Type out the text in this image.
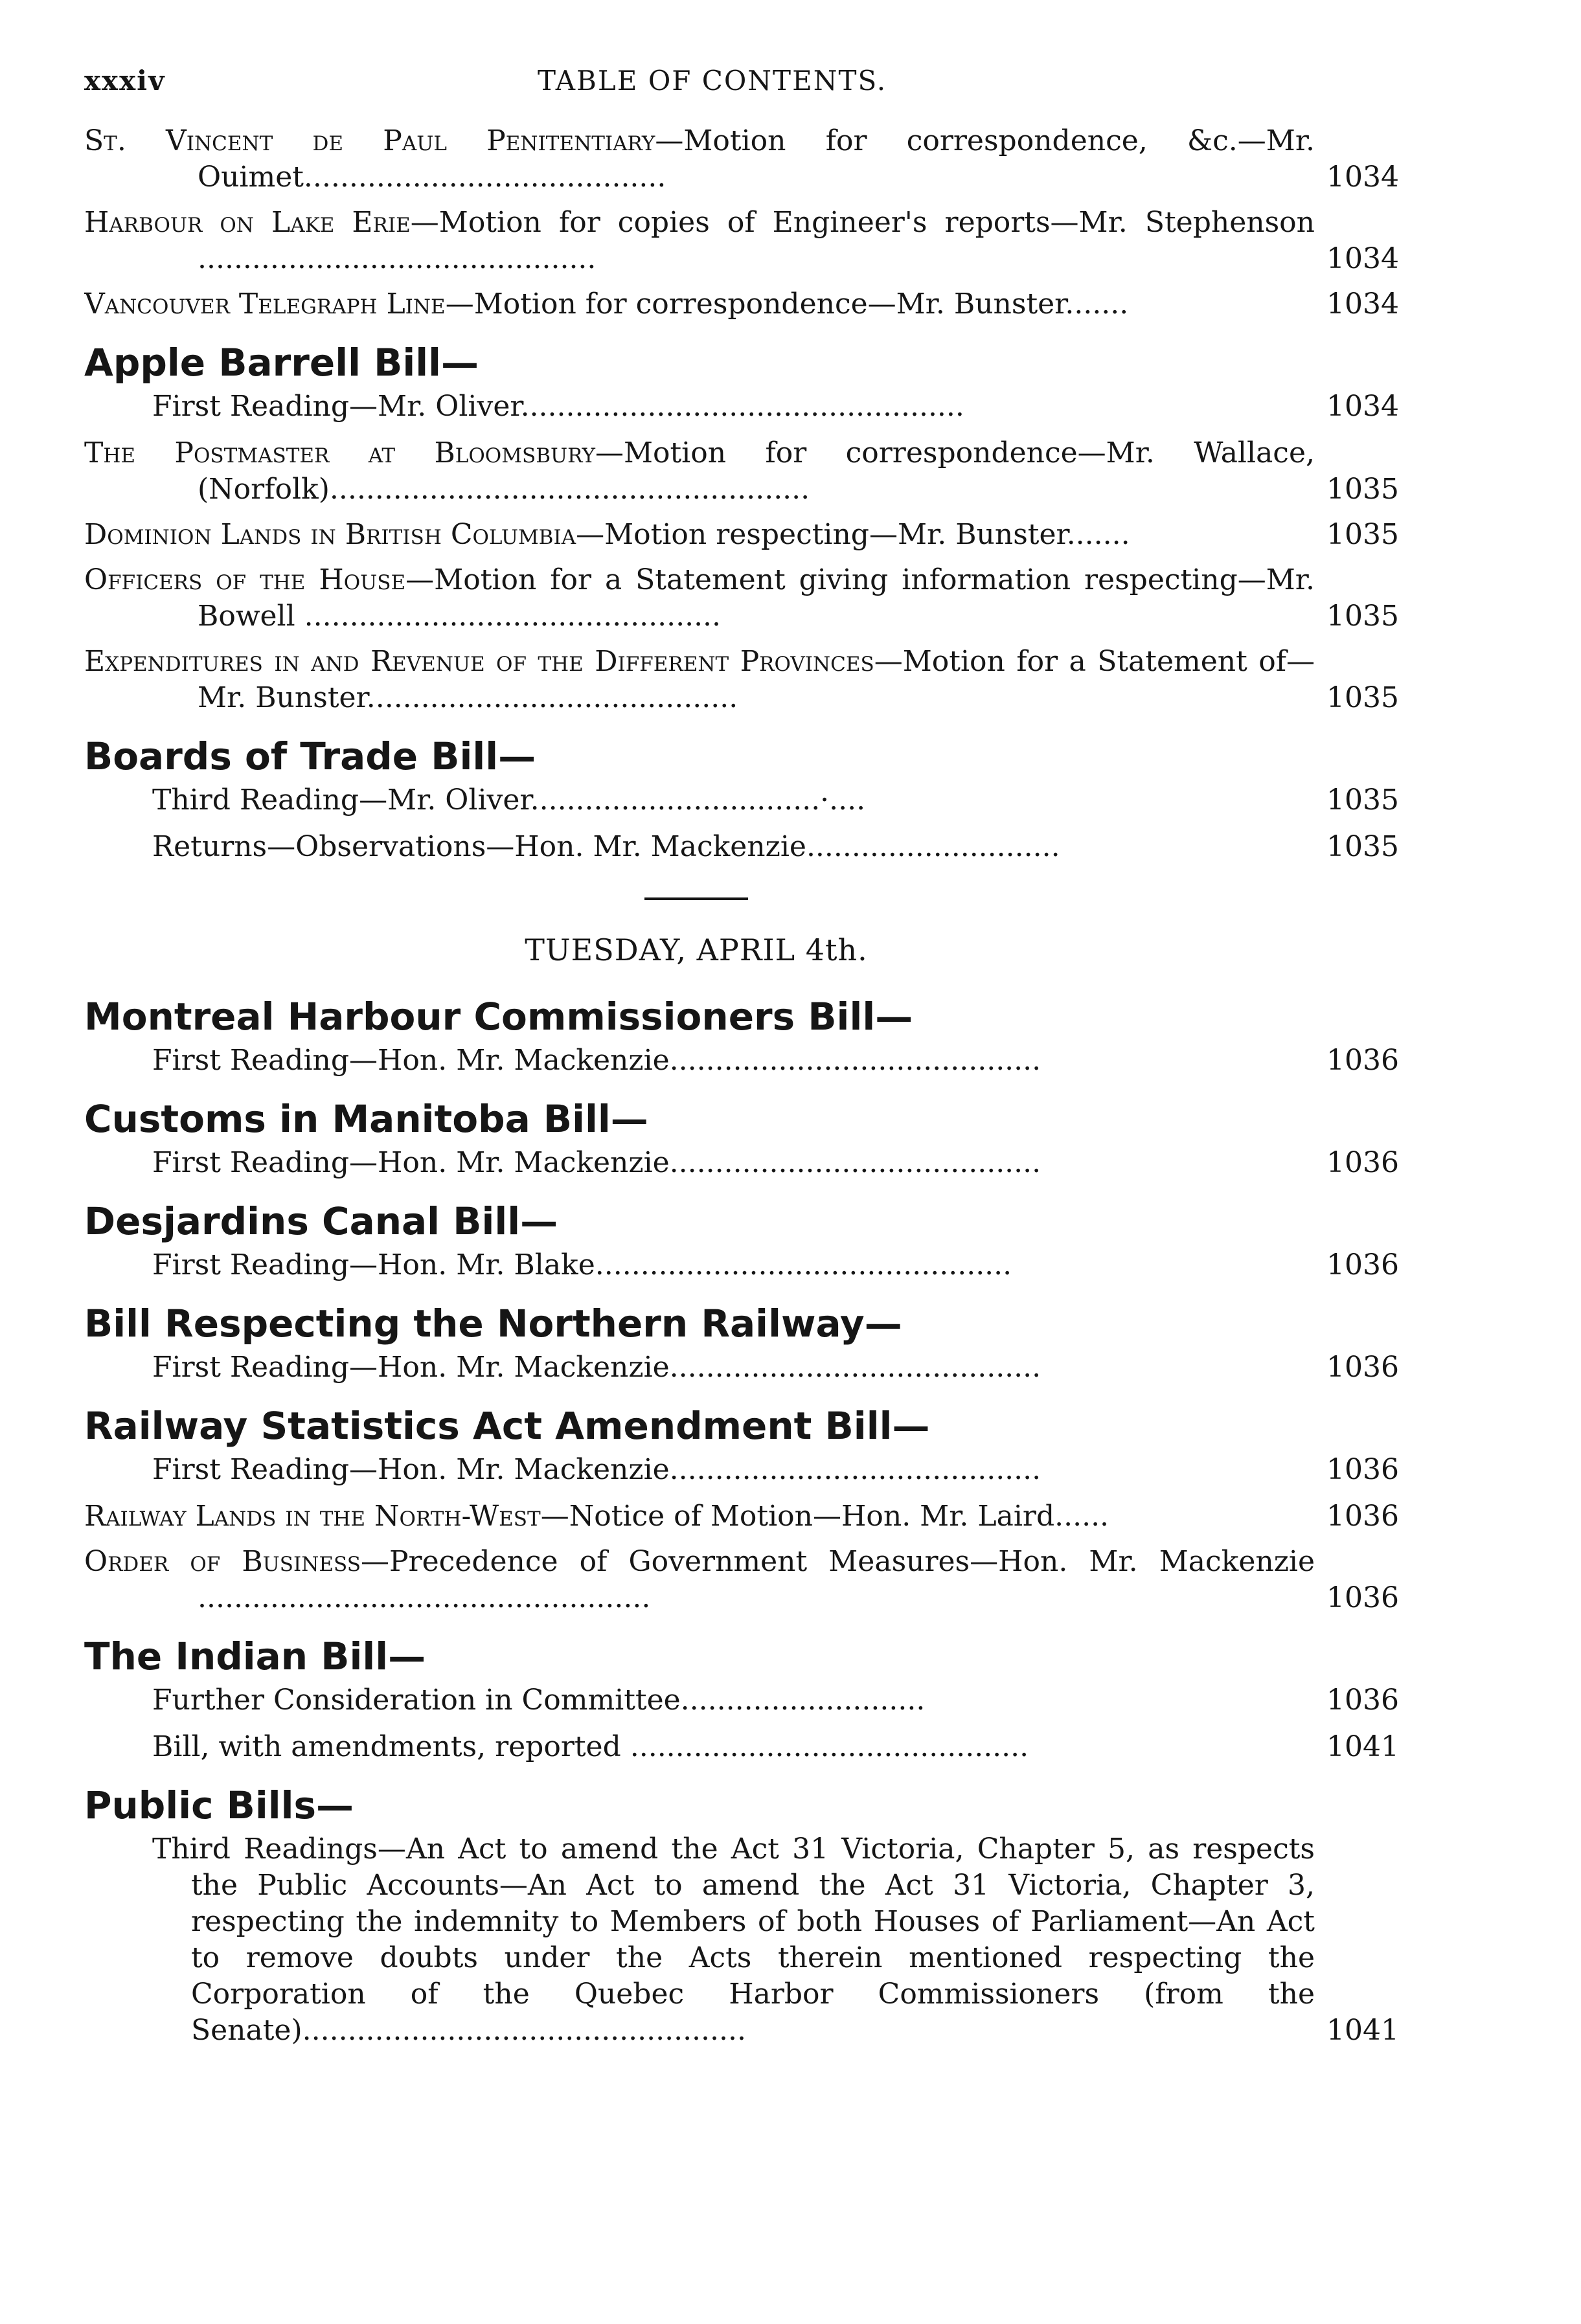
xxxiv	TABLE OF CONTENTS.
St. Vincent de Paul Penitentiary—Motion for correspondence, &c.—Mr. Ouimet........................................	1034
Harbour on Lake Erie—Motion for copies of Engineer's reports—Mr. Stephenson ............................................	1034
Vancouver Telegraph Line—Motion for correspondence—Mr. Bunster.......	1034
Apple Barrell Bill—
First Reading—Mr. Oliver.................................................	1034
The Postmaster at Bloomsbury—Motion for correspondence—Mr. Wallace, (Norfolk).....................................................	1035
Dominion Lands in British Columbia—Motion respecting—Mr. Bunster.......	1035
Officers of the House—Motion for a Statement giving information respecting—Mr. Bowell ..............................................	1035
Expenditures in and Revenue of the Different Provinces—Motion for a Statement of—Mr. Bunster.........................................	1035
Boards of Trade Bill—
Third Reading—Mr. Oliver................................·....	1035
Returns—Observations—Hon. Mr. Mackenzie............................	1035
TUESDAY, APRIL 4th.
Montreal Harbour Commissioners Bill—
First Reading—Hon. Mr. Mackenzie.........................................	1036
Customs in Manitoba Bill—
First Reading—Hon. Mr. Mackenzie.........................................	1036
Desjardins Canal Bill—
First Reading—Hon. Mr. Blake..............................................	1036
Bill Respecting the Northern Railway—
First Reading—Hon. Mr. Mackenzie.........................................	1036
Railway Statistics Act Amendment Bill—
First Reading—Hon. Mr. Mackenzie.........................................	1036
Railway Lands in the North-West—Notice of Motion—Hon. Mr. Laird......	1036
Order of Business—Precedence of Government Measures—Hon. Mr. Mackenzie ..................................................	1036
The Indian Bill—
Further Consideration in Committee...........................	1036
Bill, with amendments, reported ............................................	1041
Public Bills—
Third Readings—An Act to amend the Act 31 Victoria, Chapter 5, as respects the Public Accounts—An Act to amend the Act 31 Victoria, Chapter 3, respecting the indemnity to Members of both Houses of Parliament—An Act to remove doubts under the Acts therein mentioned respecting the Corporation of the Quebec Harbor Commissioners (from the Senate).................................................	1041
